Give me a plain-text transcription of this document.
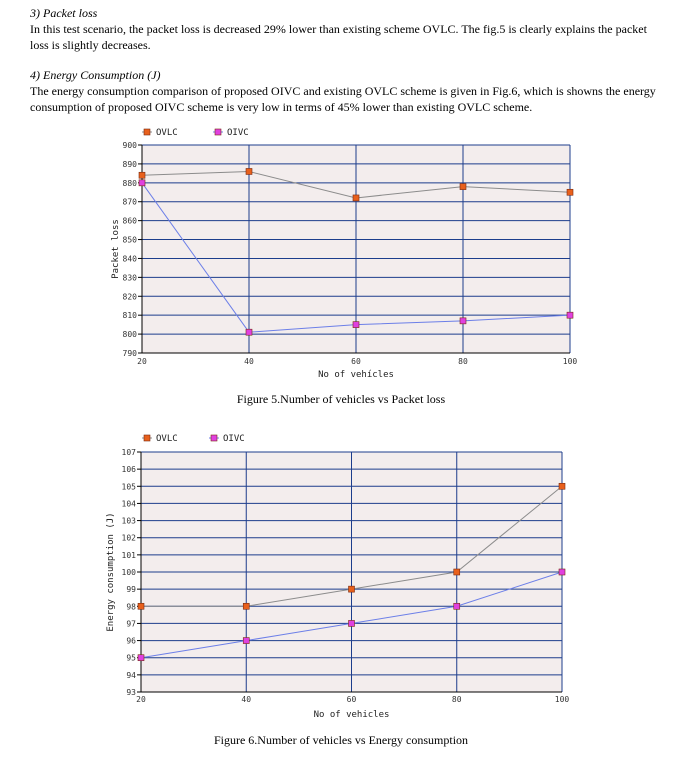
3) Packet loss

In this test scenario, the packet loss is decreased 29% lower than existing scheme OVLC. The fig.5 is clearly explains the packet loss is slightly decreases.

4) Energy Consumption (J)

The energy consumption comparison of proposed OIVC and existing OVLC scheme is given in Fig.6, which is showns the energy consumption of proposed OIVC scheme is very low in terms of 45% lower than existing OVLC scheme.

790
800
810
820
830
840
850
860
870
880
890
900
20	40	60	80	100
No of vehícles
Packet loss
OVLC	OIVC
Figure 5.Number of vehicles vs Packet loss
93
94
95
96
97
98
99
100
101
102
103
104
105
106
107
20	40	60	80	100
No of vehicles
Energy consumption (J)
OVLC	OIVC
Figure 6.Number of vehicles vs Energy consumption
